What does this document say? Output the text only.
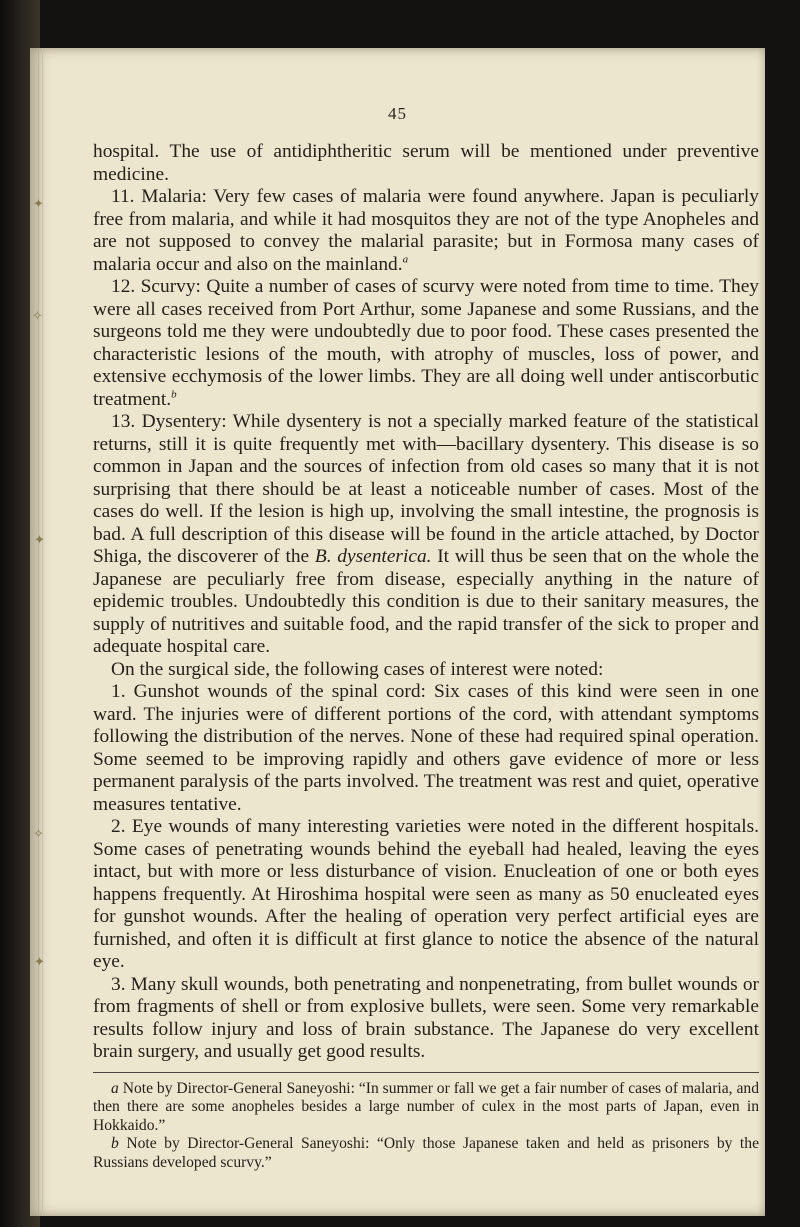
✦
✧
✦
✧
✦
45

hospital. The use of antidiphtheritic serum will be mentioned under preventive medicine.

11. Malaria: Very few cases of malaria were found anywhere. Japan is peculiarly free from malaria, and while it had mosquitos they are not of the type Anopheles and are not supposed to convey the malarial parasite; but in Formosa many cases of malaria occur and also on the mainland.$^a$

12. Scurvy: Quite a number of cases of scurvy were noted from time to time. They were all cases received from Port Arthur, some Japanese and some Russians, and the surgeons told me they were undoubtedly due to poor food. These cases presented the characteristic lesions of the mouth, with atrophy of muscles, loss of power, and extensive ecchymosis of the lower limbs. They are all doing well under antiscorbutic treatment.$^b$

13. Dysentery: While dysentery is not a specially marked feature of the statistical returns, still it is quite frequently met with—bacillary dysentery. This disease is so common in Japan and the sources of infection from old cases so many that it is not surprising that there should be at least a noticeable number of cases. Most of the cases do well. If the lesion is high up, involving the small intestine, the prognosis is bad. A full description of this disease will be found in the article attached, by Doctor Shiga, the discoverer of the B. dysenterica. It will thus be seen that on the whole the Japanese are peculiarly free from disease, especially anything in the nature of epidemic troubles. Undoubtedly this condition is due to their sanitary measures, the supply of nutritives and suitable food, and the rapid transfer of the sick to proper and adequate hospital care.

On the surgical side, the following cases of interest were noted:

1. Gunshot wounds of the spinal cord: Six cases of this kind were seen in one ward. The injuries were of different portions of the cord, with attendant symptoms following the distribution of the nerves. None of these had required spinal operation. Some seemed to be improving rapidly and others gave evidence of more or less permanent paralysis of the parts involved. The treatment was rest and quiet, operative measures tentative.

2. Eye wounds of many interesting varieties were noted in the different hospitals. Some cases of penetrating wounds behind the eyeball had healed, leaving the eyes intact, but with more or less disturbance of vision. Enucleation of one or both eyes happens frequently. At Hiroshima hospital were seen as many as 50 enucleated eyes for gunshot wounds. After the healing of operation very perfect artificial eyes are furnished, and often it is difficult at first glance to notice the absence of the natural eye.

3. Many skull wounds, both penetrating and nonpenetrating, from bullet wounds or from fragments of shell or from explosive bullets, were seen. Some very remarkable results follow injury and loss of brain substance. The Japanese do very excellent brain surgery, and usually get good results.

a Note by Director-General Saneyoshi: “In summer or fall we get a fair number of cases of malaria, and then there are some anopheles besides a large number of culex in the most parts of Japan, even in Hokkaido.”

b Note by Director-General Saneyoshi: “Only those Japanese taken and held as prisoners by the Russians developed scurvy.”
